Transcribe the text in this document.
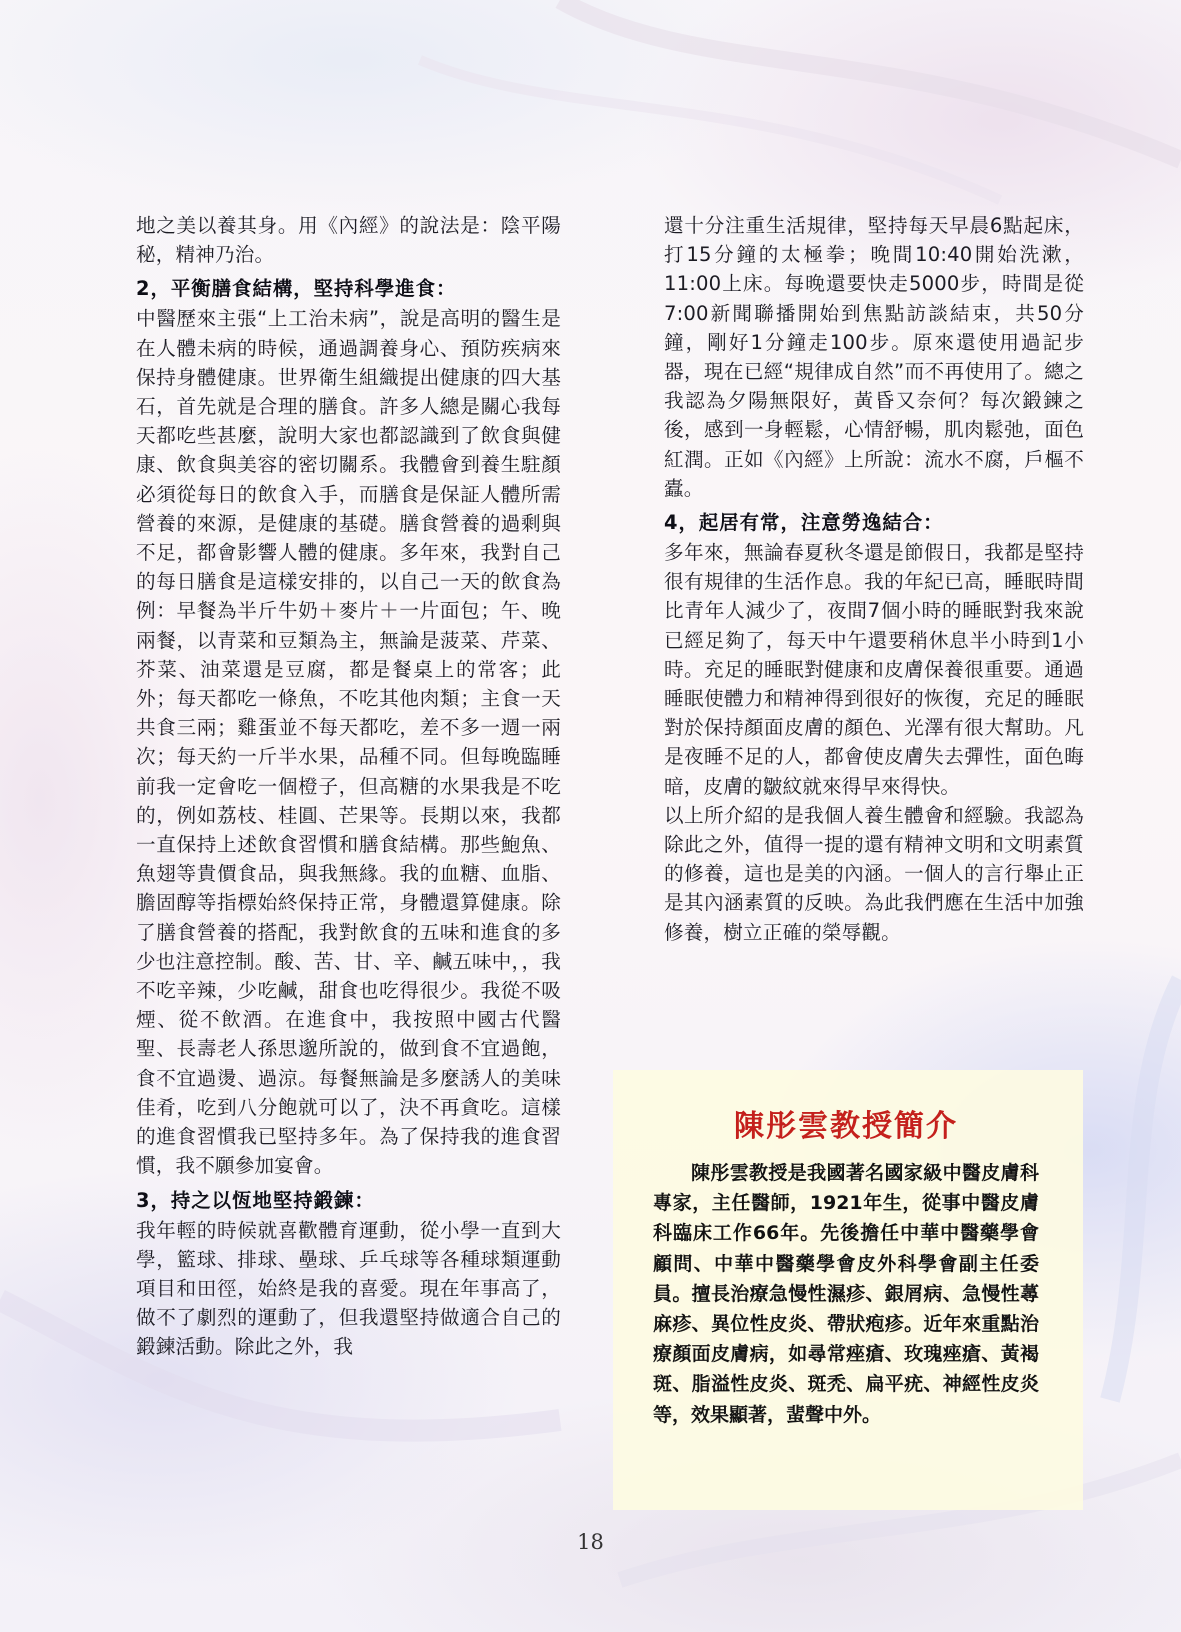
地之美以養其身。用《內經》的說法是：陰平陽秘，精神乃治。

2，平衡膳食結構，堅持科學進食：

中醫歷來主張“上工治未病”，說是高明的醫生是在人體未病的時候，通過調養身心、預防疾病來保持身體健康。世界衛生組織提出健康的四大基石，首先就是合理的膳食。許多人總是關心我每天都吃些甚麼，說明大家也都認識到了飲食與健康、飲食與美容的密切關系。我體會到養生駐顏必須從每日的飲食入手，而膳食是保証人體所需營養的來源，是健康的基礎。膳食營養的過剩與不足，都會影響人體的健康。多年來，我對自己的每日膳食是這樣安排的，以自己一天的飲食為例：早餐為半斤牛奶＋麥片＋一片面包；午、晚兩餐，以青菜和豆類為主，無論是菠菜、芹菜、芥菜、油菜還是豆腐，都是餐桌上的常客；此外；每天都吃一條魚，不吃其他肉類；主食一天共食三兩；雞蛋並不每天都吃，差不多一週一兩次；每天約一斤半水果，品種不同。但每晚臨睡前我一定會吃一個橙子，但高糖的水果我是不吃的，例如荔枝、桂圓、芒果等。長期以來，我都一直保持上述飲食習慣和膳食結構。那些鮑魚、魚翅等貴價食品，與我無緣。我的血糖、血脂、膽固醇等指標始終保持正常，身體還算健康。除了膳食營養的搭配，我對飲食的五味和進食的多少也注意控制。酸、苦、甘、辛、鹹五味中，，我不吃辛辣，少吃鹹，甜食也吃得很少。我從不吸煙、從不飲酒。在進食中，我按照中國古代醫聖、長壽老人孫思邈所說的，做到食不宜過飽，食不宜過燙、過涼。每餐無論是多麼誘人的美味佳肴，吃到八分飽就可以了，決不再貪吃。這樣的進食習慣我已堅持多年。為了保持我的進食習慣，我不願參加宴會。

3，持之以恆地堅持鍛鍊：

我年輕的時候就喜歡體育運動，從小學一直到大學，籃球、排球、壘球、乒乓球等各種球類運動項目和田徑，始終是我的喜愛。現在年事高了，做不了劇烈的運動了，但我還堅持做適合自己的鍛鍊活動。除此之外，我

還十分注重生活規律，堅持每天早晨6點起床，打15分鐘的太極拳；晚間10:40開始洗漱，11:00上床。每晚還要快走5000步，時間是從7:00新聞聯播開始到焦點訪談結束，共50分鐘，剛好1分鐘走100步。原來還使用過記步器，現在已經“規律成自然”而不再使用了。總之我認為夕陽無限好，黃昏又奈何？每次鍛鍊之後，感到一身輕鬆，心情舒暢，肌肉鬆弛，面色紅潤。正如《內經》上所說：流水不腐，戶樞不蠹。

4，起居有常，注意勞逸結合：

多年來，無論春夏秋冬還是節假日，我都是堅持很有規律的生活作息。我的年紀已高，睡眠時間比青年人減少了，夜間7個小時的睡眠對我來說已經足夠了，每天中午還要稍休息半小時到1小時。充足的睡眠對健康和皮膚保養很重要。通過睡眠使體力和精神得到很好的恢復，充足的睡眠對於保持顏面皮膚的顏色、光澤有很大幫助。凡是夜睡不足的人，都會使皮膚失去彈性，面色晦暗，皮膚的皺紋就來得早來得快。

以上所介紹的是我個人養生體會和經驗。我認為除此之外，值得一提的還有精神文明和文明素質的修養，這也是美的內涵。一個人的言行舉止正是其內涵素質的反映。為此我們應在生活中加強修養，樹立正確的榮辱觀。

陳彤雲教授簡介

陳彤雲教授是我國著名國家級中醫皮膚科專家，主任醫師，1921年生，從事中醫皮膚科臨床工作66年。先後擔任中華中醫藥學會顧問、中華中醫藥學會皮外科學會副主任委員。擅長治療急慢性濕疹、銀屑病、急慢性蕁麻疹、異位性皮炎、帶狀疱疹。近年來重點治療顏面皮膚病，如尋常痤瘡、玫瑰痤瘡、黃褐斑、脂溢性皮炎、斑禿、扁平疣、神經性皮炎等，效果顯著，蜚聲中外。

18
